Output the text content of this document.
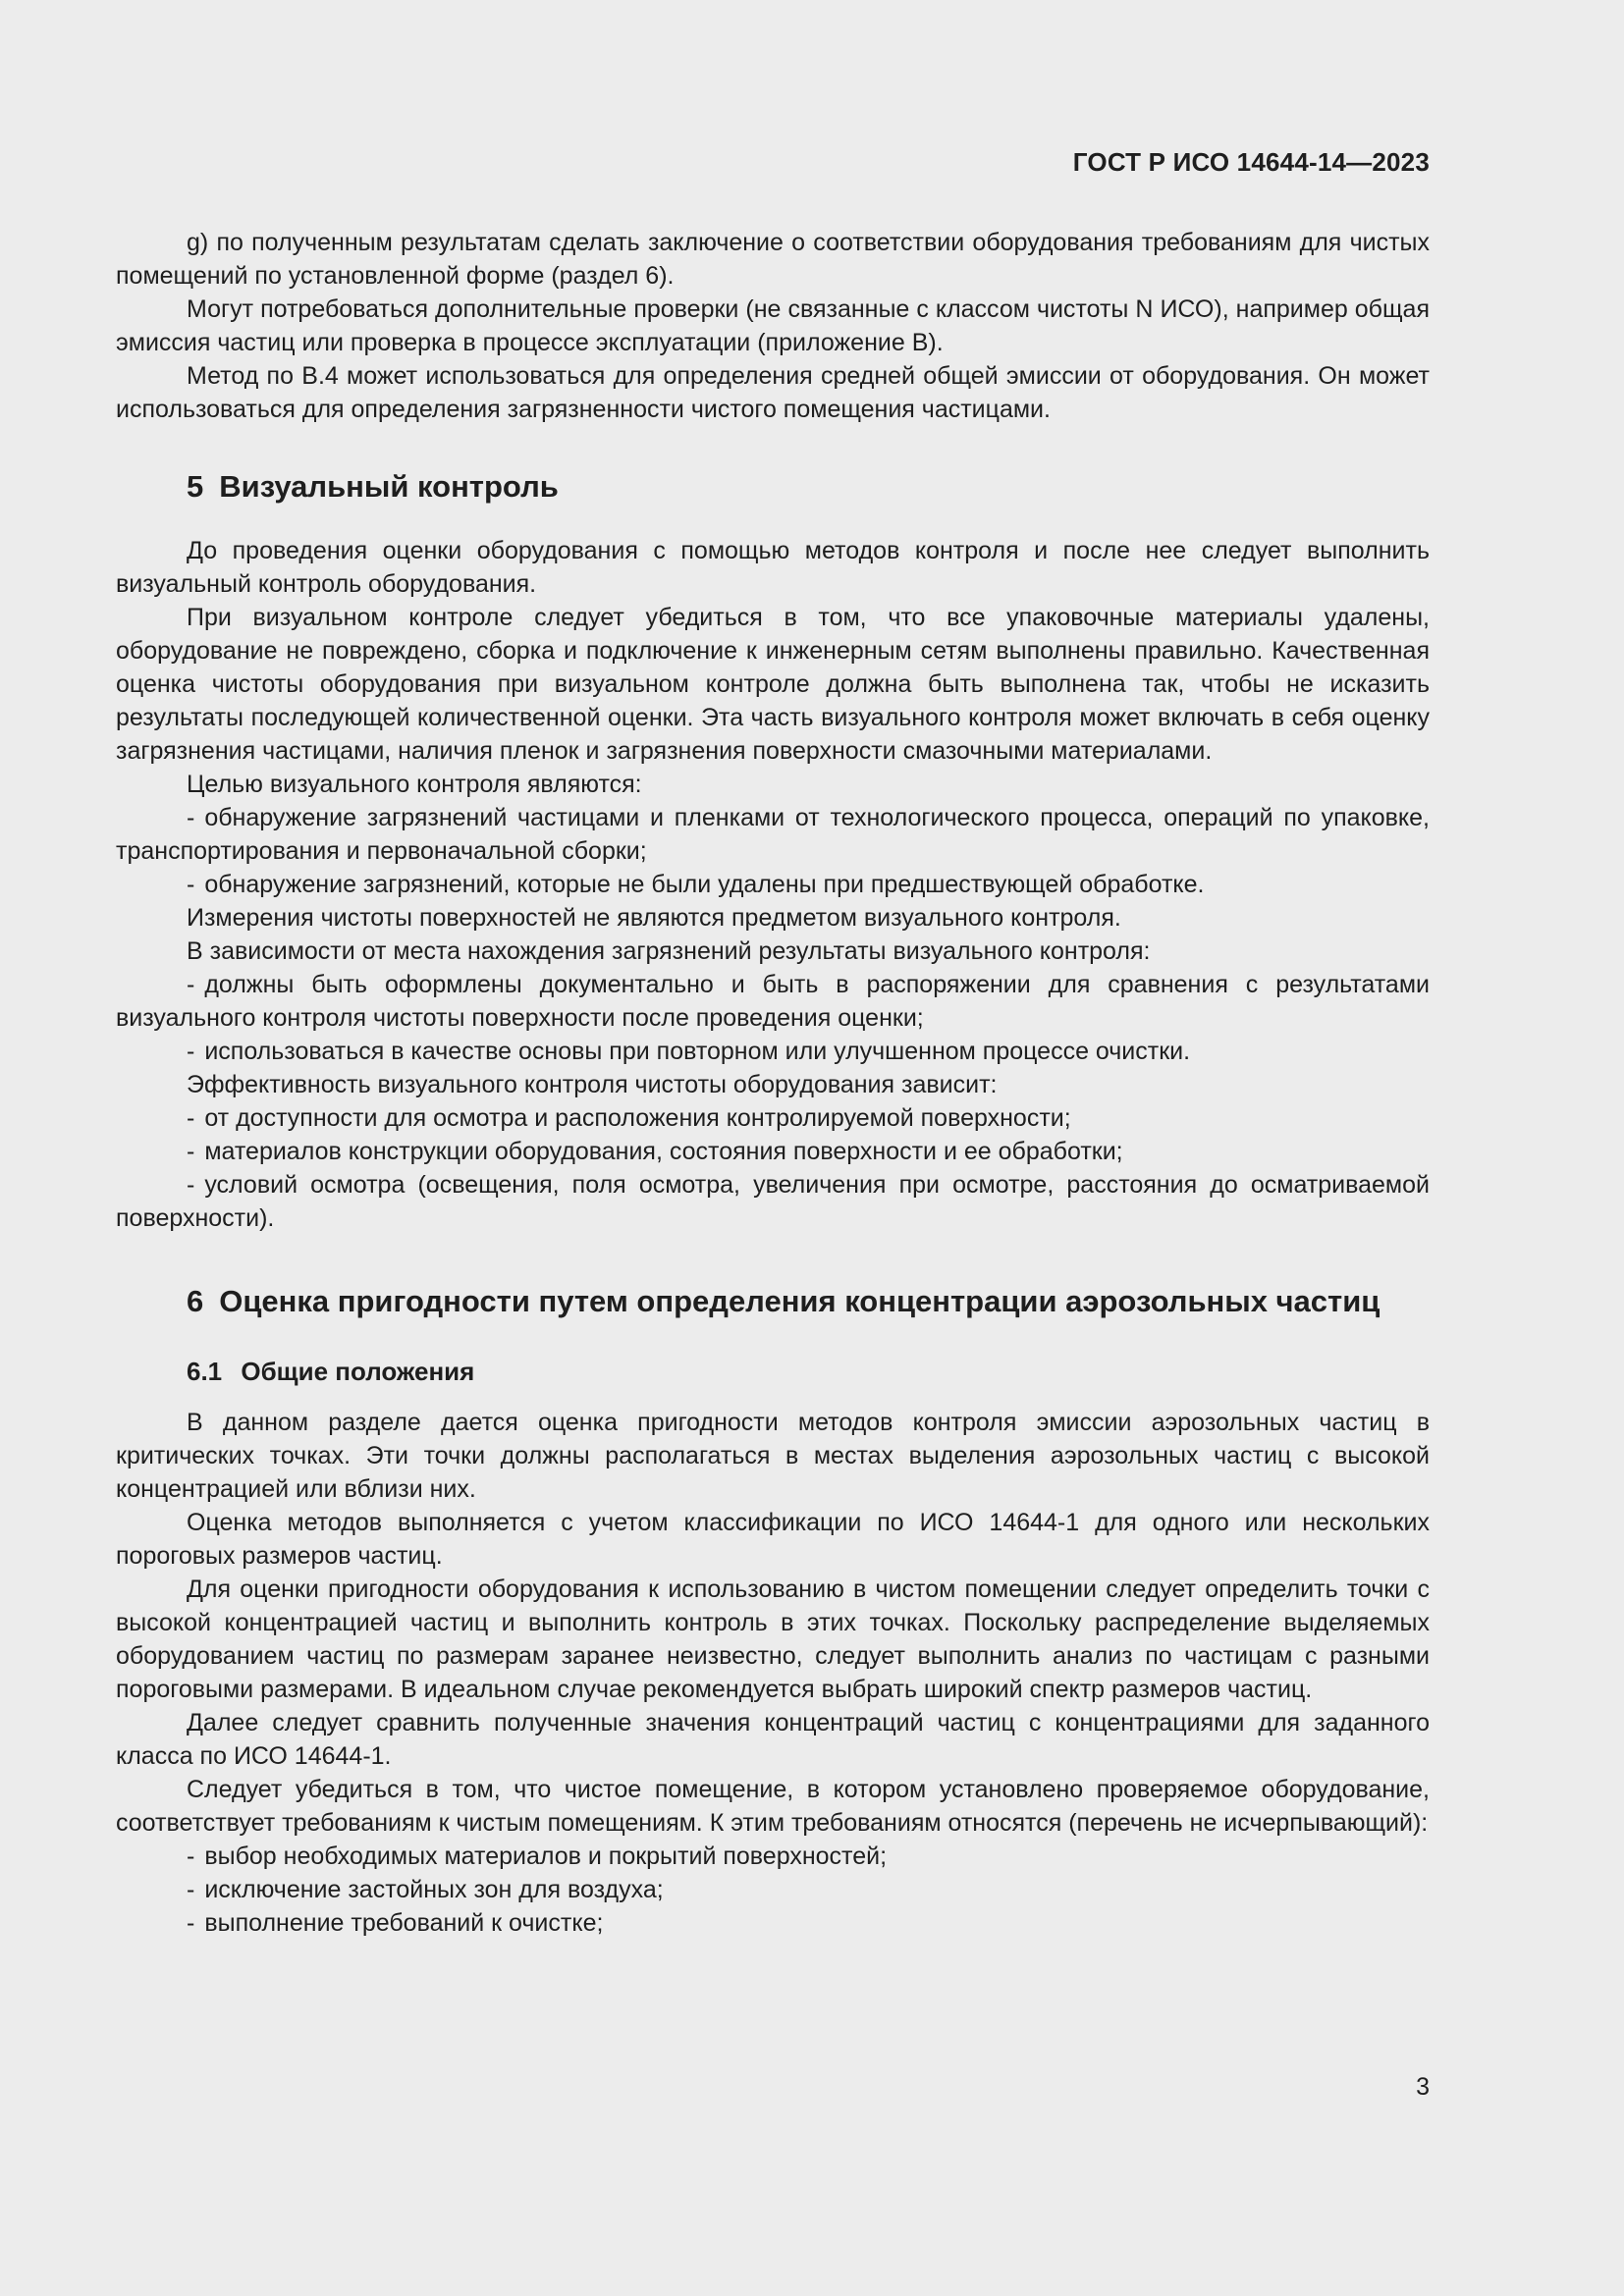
ГОСТ Р ИСО 14644-14—2023

g) по полученным результатам сделать заключение о соответствии оборудования требованиям для чистых помещений по установленной форме (раздел 6).

Могут потребоваться дополнительные проверки (не связанные с классом чистоты N ИСО), например общая эмиссия частиц или проверка в процессе эксплуатации (приложение B).

Метод по B.4 может использоваться для определения средней общей эмиссии от оборудования. Он может использоваться для определения загрязненности чистого помещения частицами.

5 Визуальный контроль

До проведения оценки оборудования с помощью методов контроля и после нее следует выполнить визуальный контроль оборудования.

При визуальном контроле следует убедиться в том, что все упаковочные материалы удалены, оборудование не повреждено, сборка и подключение к инженерным сетям выполнены правильно. Качественная оценка чистоты оборудования при визуальном контроле должна быть выполнена так, чтобы не исказить результаты последующей количественной оценки. Эта часть визуального контроля может включать в себя оценку загрязнения частицами, наличия пленок и загрязнения поверхности смазочными материалами.

Целью визуального контроля являются:

- обнаружение загрязнений частицами и пленками от технологического процесса, операций по упаковке, транспортирования и первоначальной сборки;

- обнаружение загрязнений, которые не были удалены при предшествующей обработке.

Измерения чистоты поверхностей не являются предметом визуального контроля.

В зависимости от места нахождения загрязнений результаты визуального контроля:

- должны быть оформлены документально и быть в распоряжении для сравнения с результатами визуального контроля чистоты поверхности после проведения оценки;

- использоваться в качестве основы при повторном или улучшенном процессе очистки.

Эффективность визуального контроля чистоты оборудования зависит:

- от доступности для осмотра и расположения контролируемой поверхности;

- материалов конструкции оборудования, состояния поверхности и ее обработки;

- условий осмотра (освещения, поля осмотра, увеличения при осмотре, расстояния до осматриваемой поверхности).

6 Оценка пригодности путем определения концентрации аэрозольных частиц
6.1 Общие положения

В данном разделе дается оценка пригодности методов контроля эмиссии аэрозольных частиц в критических точках. Эти точки должны располагаться в местах выделения аэрозольных частиц с высокой концентрацией или вблизи них.

Оценка методов выполняется с учетом классификации по ИСО 14644-1 для одного или нескольких пороговых размеров частиц.

Для оценки пригодности оборудования к использованию в чистом помещении следует определить точки с высокой концентрацией частиц и выполнить контроль в этих точках. Поскольку распределение выделяемых оборудованием частиц по размерам заранее неизвестно, следует выполнить анализ по частицам с разными пороговыми размерами. В идеальном случае рекомендуется выбрать широкий спектр размеров частиц.

Далее следует сравнить полученные значения концентраций частиц с концентрациями для заданного класса по ИСО 14644-1.

Следует убедиться в том, что чистое помещение, в котором установлено проверяемое оборудование, соответствует требованиям к чистым помещениям. К этим требованиям относятся (перечень не исчерпывающий):

- выбор необходимых материалов и покрытий поверхностей;

- исключение застойных зон для воздуха;

- выполнение требований к очистке;

3
